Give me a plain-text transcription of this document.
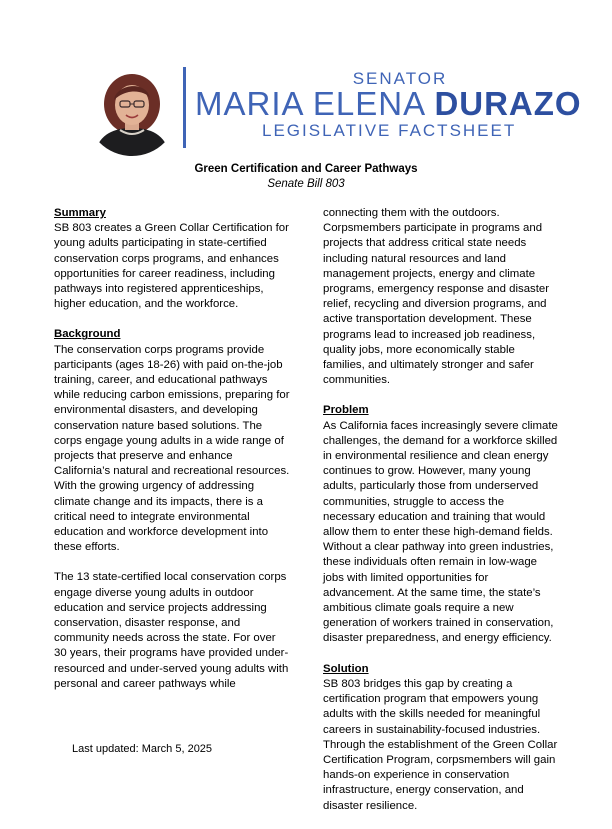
SENATOR
MARIA ELENA DURAZO
LEGISLATIVE FACTSHEET
Green Certification and Career Pathways
Senate Bill 803

Summary

SB 803 creates a Green Collar Certification for young adults participating in state-certified conservation corps programs, and enhances opportunities for career readiness, including pathways into registered apprenticeships, higher education, and the workforce.

Background

The conservation corps programs provide participants (ages 18-26) with paid on-the-job training, career, and educational pathways while reducing carbon emissions, preparing for environmental disasters, and developing conservation nature based solutions. The corps engage young adults in a wide range of projects that preserve and enhance California’s natural and recreational resources. With the growing urgency of addressing climate change and its impacts, there is a critical need to integrate environmental education and workforce development into these efforts.

The 13 state-certified local conservation corps engage diverse young adults in outdoor education and service projects addressing conservation, disaster response, and community needs across the state. For over 30 years, their programs have provided under-resourced and under-served young adults with personal and career pathways while

connecting them with the outdoors. Corpsmembers participate in programs and projects that address critical state needs including natural resources and land management projects, energy and climate programs, emergency response and disaster relief, recycling and diversion programs, and active transportation development. These programs lead to increased job readiness, quality jobs, more economically stable families, and ultimately stronger and safer communities.

Problem

As California faces increasingly severe climate challenges, the demand for a workforce skilled in environmental resilience and clean energy continues to grow. However, many young adults, particularly those from underserved communities, struggle to access the necessary education and training that would allow them to enter these high-demand fields. Without a clear pathway into green industries, these individuals often remain in low-wage jobs with limited opportunities for advancement. At the same time, the state’s ambitious climate goals require a new generation of workers trained in conservation, disaster preparedness, and energy efficiency.

Solution

SB 803 bridges this gap by creating a certification program that empowers young adults with the skills needed for meaningful careers in sustainability-focused industries. Through the establishment of the Green Collar Certification Program, corpsmembers will gain hands-on experience in conservation infrastructure, energy conservation, and disaster resilience.

Last updated: March 5, 2025
